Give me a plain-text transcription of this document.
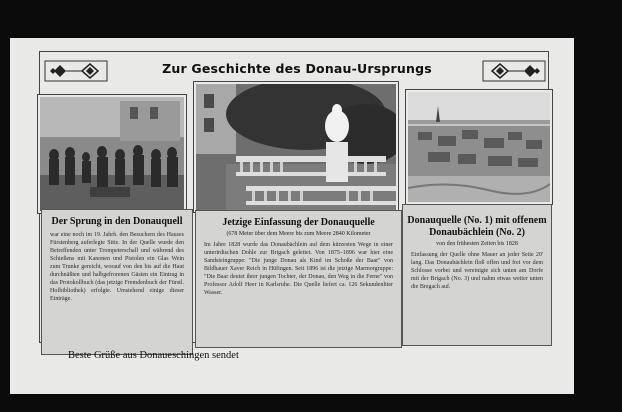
Zur Geschichte des Donau-Ursprungs
Der Sprung in den Donauquell
war eine noch im 19. Jahrh. den Besuchern des Hauses Fürstenberg auferlegte Sitte. In der Quelle wurde den Betreffenden unter Trompeterschall und während des Schießens mit Kanonen und Pistolen ein Glas Wein zum Trunke gereicht, worauf von den bis auf die Haut durchnäßten und halbgefrorenen Gästen ein Eintrag in das Protokollbuch (das jetzige Fremdenbuch der Fürstl. Hofbibliothek) erfolgte. Umstehend einige dieser Einträge.
Jetzige Einfassung der Donauquelle
(678 Meter über dem Meere bis zum Meere 2840 Kilometer
Im Jahre 1828 wurde das Donaubächlein auf dem kürzesten Wege in einer unterirdischen Dohle zur Brigach geleitet. Von 1875–1896 war hier eine Sandsteingruppe: "Die junge Donau als Kind im Schoße der Baar" von Bildhauer Xaver Reich in Hüfingen. Seit 1896 ist die jetzige Marmorgruppe: "Die Baar deutet ihrer jungen Tochter, der Donau, den Weg in die Ferne" von Professor Adolf Heer in Karlsruhe. Die Quelle liefert ca. 126 Sekundenliter Wasser.
Donauquelle (No. 1) mit offenem Donaubächlein (No. 2)
von den frühesten Zeiten bis 1828
Einfassung der Quelle ohne Mauer an jeder Seite 20' lang. Das Donaubächlein floß offen und frei vor dem Schlosse vorbei und vereinigte sich unten am Dorfe mit der Brigach (No. 3) und nahm etwas weiter unten die Bregach auf.
Beste Grüße aus Donaueschingen sendet
